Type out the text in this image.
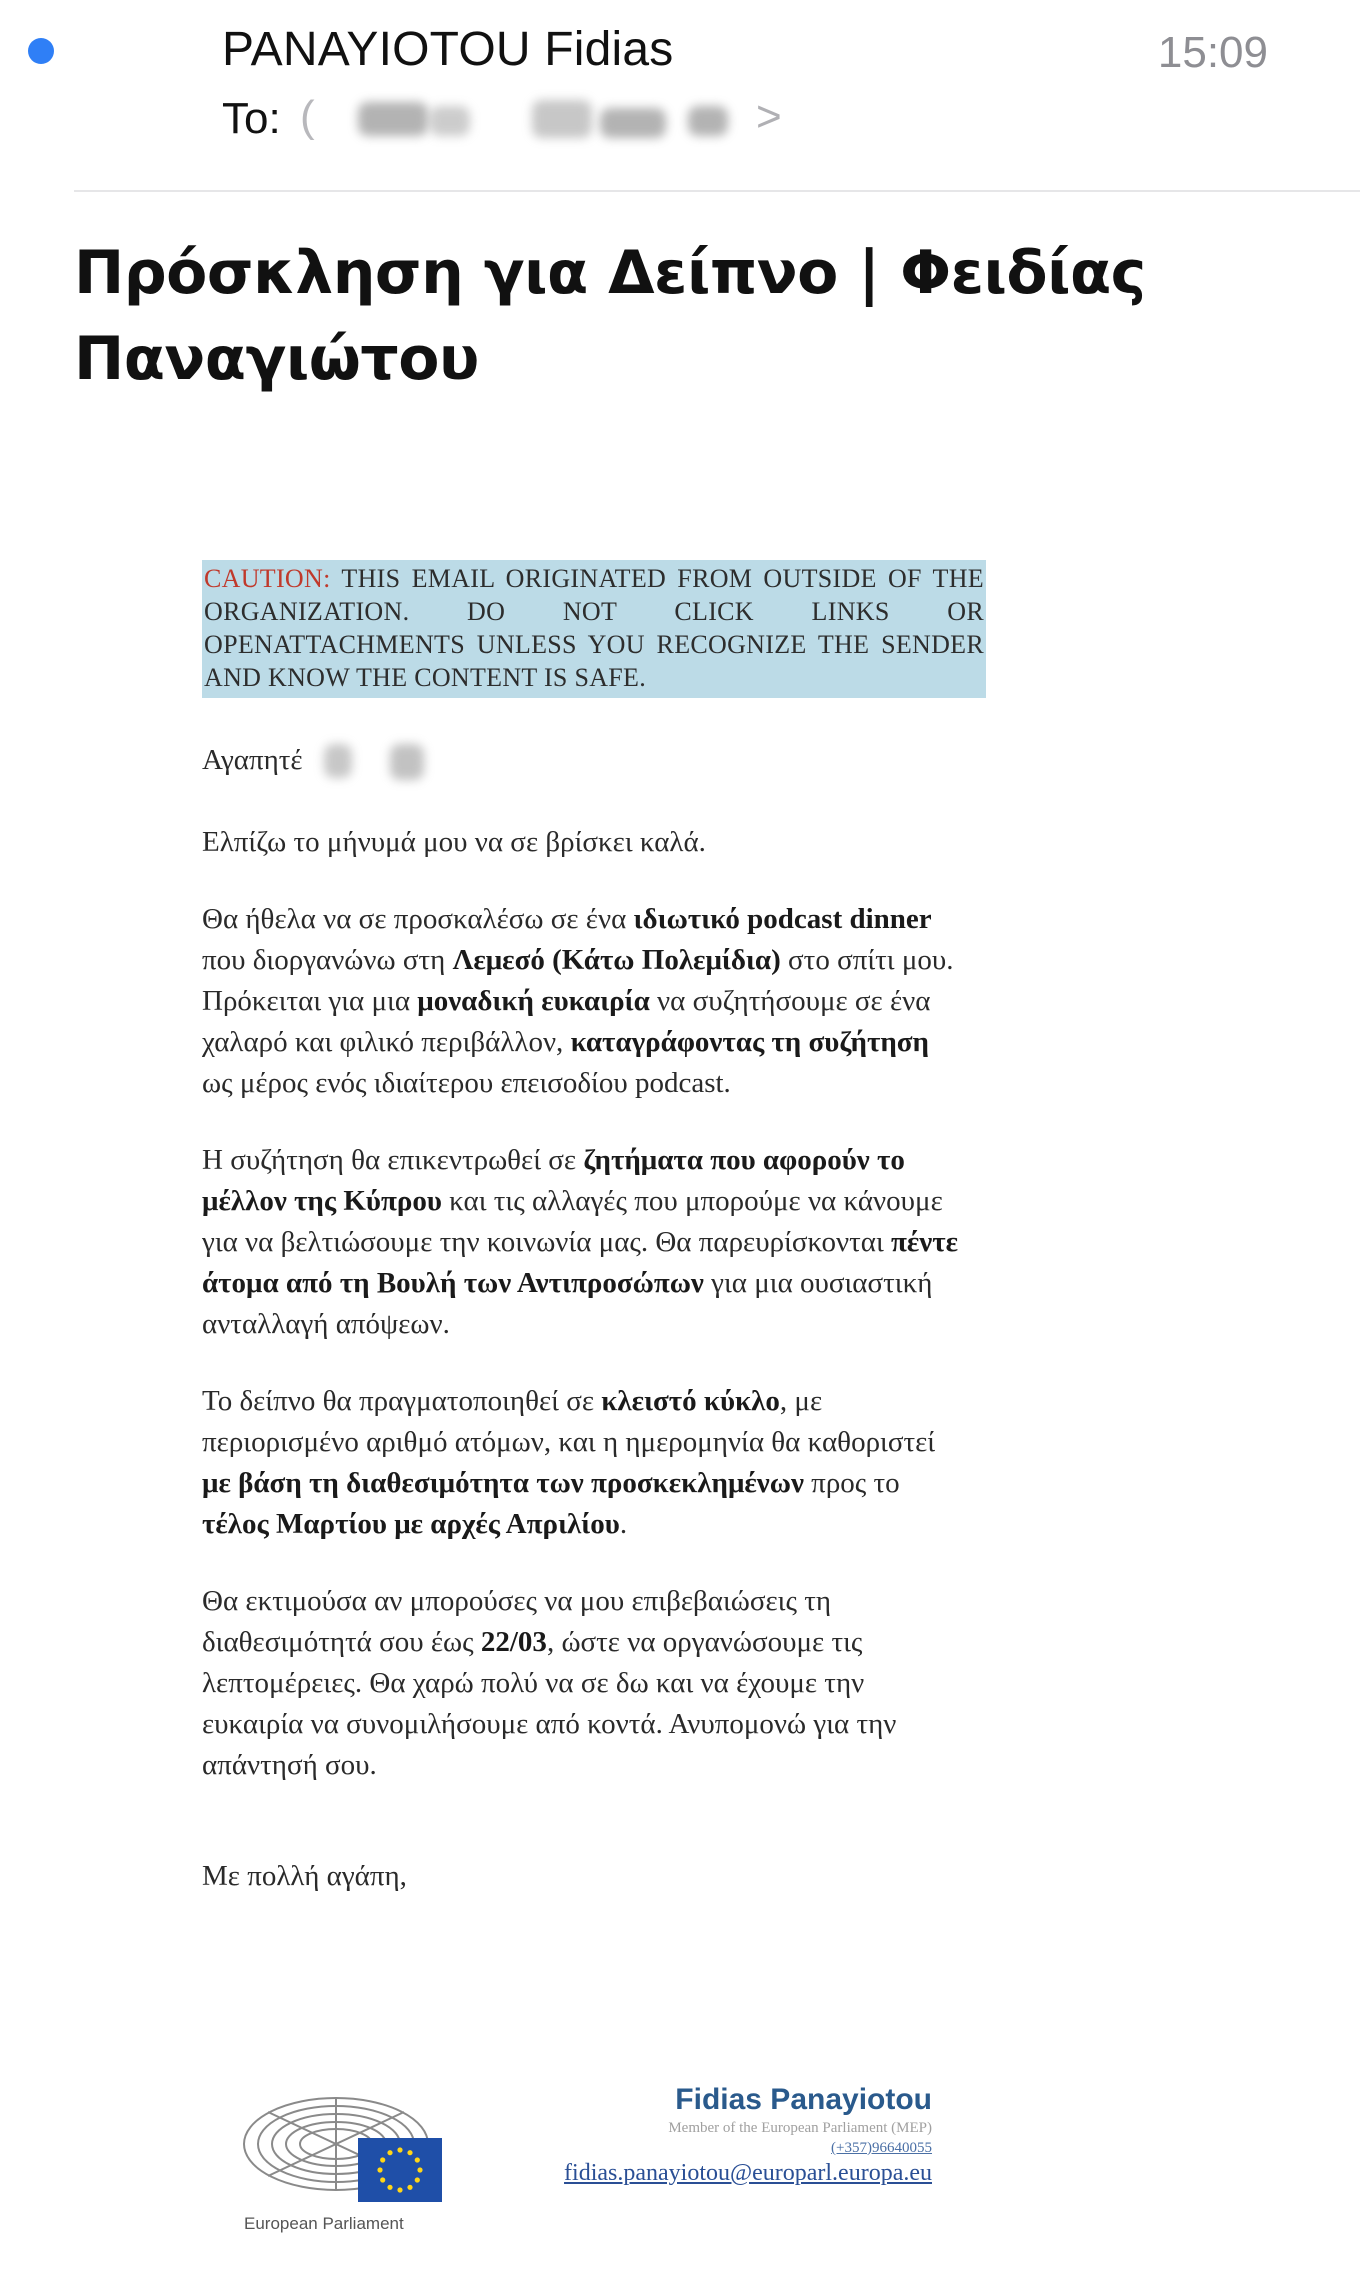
PANAYIOTOU Fidias	15:09
To: (	>
Πρόσκληση για Δείπνο | Φειδίας
Παναγιώτου
CAUTION: THIS EMAIL ORIGINATED FROM OUTSIDE OF THE ORGANIZATION. DO NOT CLICK LINKS OR OPENATTACHMENTS UNLESS YOU RECOGNIZE THE SENDER AND KNOW THE CONTENT IS SAFE.
Αγαπητέ

Ελπίζω το μήνυμά μου να σε βρίσκει καλά.

Θα ήθελα να σε προσκαλέσω σε ένα ιδιωτικό podcast dinner που διοργανώνω στη Λεμεσό (Κάτω Πολεμίδια) στο σπίτι μου. Πρόκειται για μια μοναδική ευκαιρία να συζητήσουμε σε ένα χαλαρό και φιλικό περιβάλλον, καταγράφοντας τη συζήτηση ως μέρος ενός ιδιαίτερου επεισοδίου podcast.

Η συζήτηση θα επικεντρωθεί σε ζητήματα που αφορούν το μέλλον της Κύπρου και τις αλλαγές που μπορούμε να κάνουμε για να βελτιώσουμε την κοινωνία μας. Θα παρευρίσκονται πέντε άτομα από τη Βουλή των Αντιπροσώπων για μια ουσιαστική ανταλλαγή απόψεων.

Το δείπνο θα πραγματοποιηθεί σε κλειστό κύκλο, με περιορισμένο αριθμό ατόμων, και η ημερομηνία θα καθοριστεί με βάση τη διαθεσιμότητα των προσκεκλημένων προς το τέλος Μαρτίου με αρχές Απριλίου.

Θα εκτιμούσα αν μπορούσες να μου επιβεβαιώσεις τη διαθεσιμότητά σου έως 22/03, ώστε να οργανώσουμε τις λεπτομέρειες. Θα χαρώ πολύ να σε δω και να έχουμε την ευκαιρία να συνομιλήσουμε από κοντά. Ανυπομονώ για την απάντησή σου.

Με πολλή αγάπη,

European Parliament
Fidias Panayiotou
Member of the European Parliament (MEP)
(+357)96640055
fidias.panayiotou@europarl.europa.eu
